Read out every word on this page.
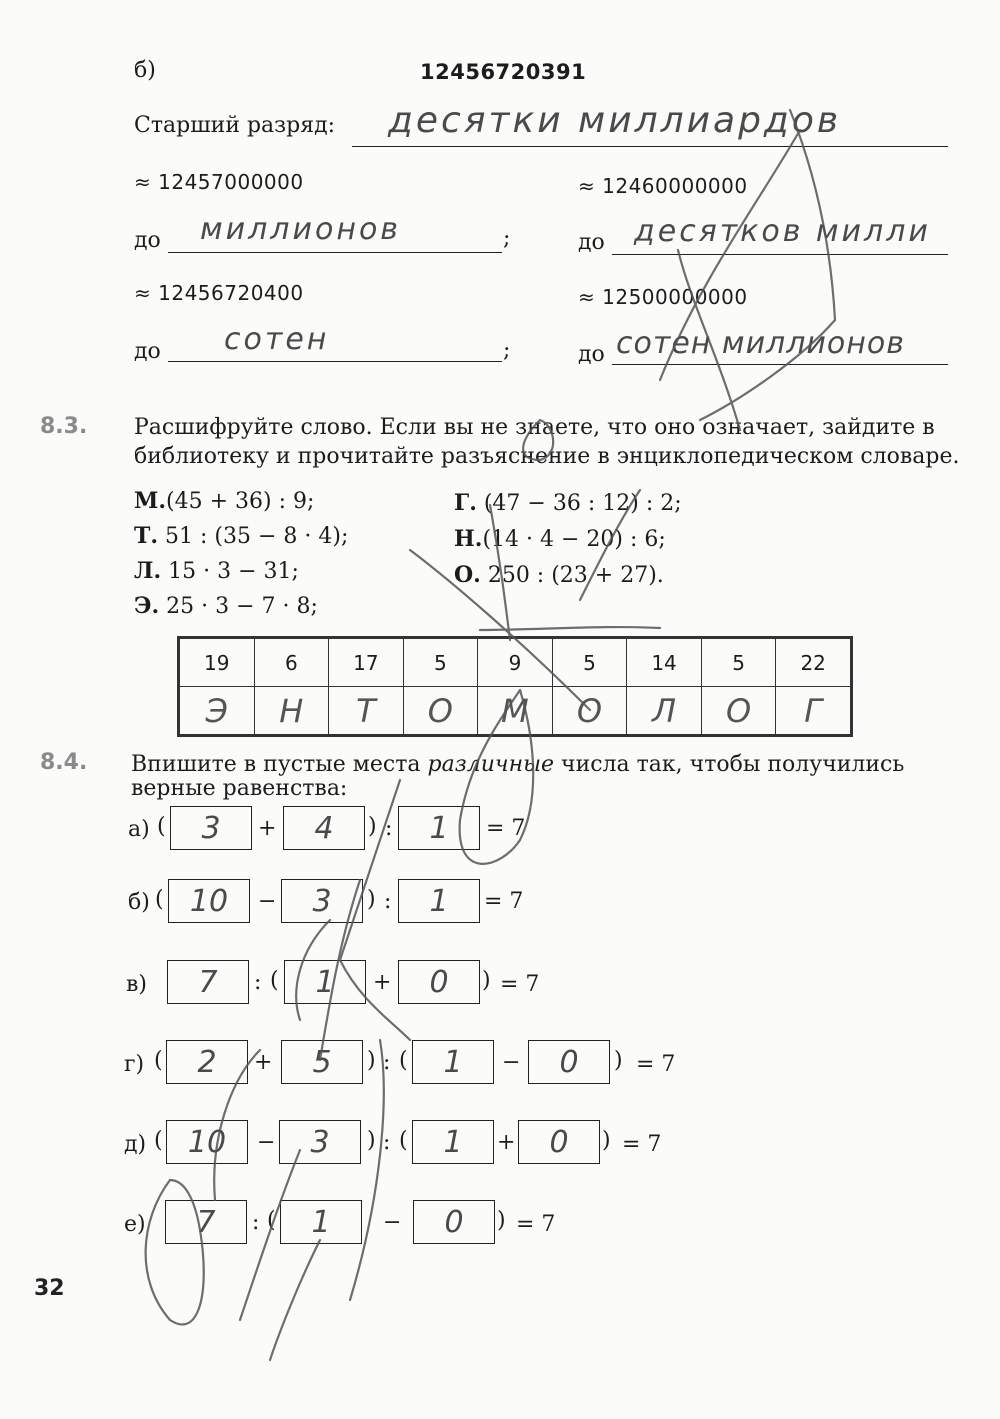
б)	12456720391
Старший разряд: десятки миллиардов
≈ 12457000000
до миллионов	;
≈ 12456720400
до сотен	;
≈ 12460000000
до десятков милли
≈ 12500000000
до сотен миллионов
8.3. Расшифруйте слово. Если вы не знаете, что оно означает, зайдите в
библиотеку и прочитайте разъяснение в энциклопедическом словаре.
М.(45 + 36) : 9;
Т. 51 : (35 − 8 · 4);
Л. 15 · 3 − 31;
Э. 25 · 3 − 7 · 8;
Г. (47 − 36 : 12) : 2;
Н.(14 · 4 − 20) : 6;
О. 250 : (23 + 27).
19	6	17	5	9	5	14	5	22
Э	Н	Т	О	М	О	Л	О	Г
8.4. Впишите в пустые места различные числа так, чтобы получились
верные равенства:
а) (	3	+	4	) :	1	= 7
б) ( 10	−	3	) :	1	= 7
в)	7	: (	1	+	0	) = 7
г) (	2	+	5	) : (	1	−	0	) = 7
д) ( 10	−	3	) : (	1	+	0	) = 7
е)	7	: (	1	−	0	) = 7
32
